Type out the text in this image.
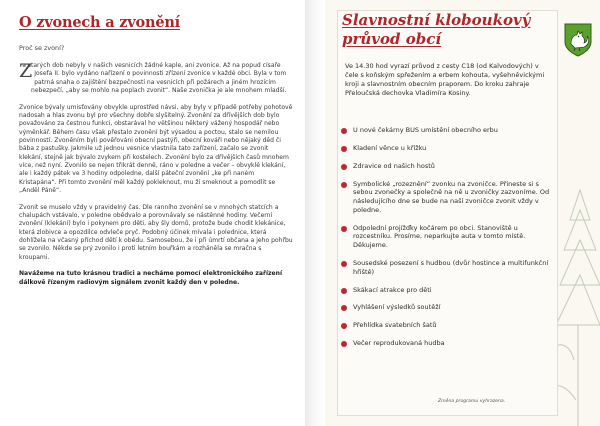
O zvonech a zvonění
Proč se zvoní?

Z
a starých dob nebyly v našich vesnicích žádné kaple, ani zvonice. Až na popud císaře Josefa II. bylo vydáno nařízení o povinnosti zřízení zvonice v každé obci. Byla v tom patrná snaha o zajištění bezpečnosti na vesnicích při požárech a jiném hrozícím nebezpečí, „aby se mohlo na poplach zvonit“. Naše zvonička je ale mnohem mladší.

Zvonice bývaly umisťovány obvykle uprostřed návsi, aby byly v případě potřeby pohotově nadosah a hlas zvonu byl pro všechny dobře slyšitelný. Zvonění za dřívějších dob bylo považováno za čestnou funkci, obstarával ho většinou některý vážený hospodář nebo výměnkář. Během času však přestalo zvonění být výsadou a poctou, stalo se nemilou povinností. Zvoněním byli pověřováni obecní pastýři, obecní kováři nebo nějaký děd či bába z pastušky. Jakmile už jednou vesnice vlastnila tato zařízení, začalo se zvonit klekání, stejně jak bývalo zvykem při kostelech. Zvonění bylo za dřívějších časů mnohem více, než nyní. Zvonilo se nejen třikrát denně, ráno v poledne a večer – obvyklé klekání, ale i každý pátek ve 3 hodiny odpoledne, další páteční zvonění „ke při naném Kristapána“. Při tomto zvonění měl každý pokleknout, mu ži smeknout a pomodlit se „Anděl Páně“.

Zvonit se muselo vždy v pravidelný čas. Dle ranního zvonění se v mnohých statcích a chalupách vstávalo, v poledne obědvalo a porovnávaly se nástěnné hodiny. Večerní zvonění (klekání) bylo i pokynem pro děti, aby šly domů, protože bude chodit klekánice, která zlobivce a opozdilce odvleče pryč. Podobný účinek mívala i polednice, která dohlížela na včasný příchod dětí k obědu. Samosebou, že i při úmrtí občana a jeho pohřbu se zvonilo. Někde se prý zvonilo i proti letním bouřkám a rozháněla se mračna s kroupami.

Navážeme na tuto krásnou tradici a necháme pomocí elektronického zařízení dálkově řízeným radiovým signálem zvonit každý den v poledne.

Slavnostní kloboukový průvod obcí

Ve 14.30 hod vyrazí průvod z cesty C18 (od Kalvodových) v čele s koňským spřežením a erbem kohouta, vyšehněvickými kroji a slavnostním obecním praporem. Do kroku zahraje Přeloučská dechovka Vladimíra Kosiny.

U nové čekárny BUS umístění obecního erbu
Kladení věnce u křížku
Zdravice od našich hostů
Symbolické „rozeznění“ zvonku na zvoničce. Přineste si s sebou zvonečky a společně na ně u zvoničky zazvoníme. Od následujícího dne se bude na naší zvoničce zvonit vždy v poledne.
Odpolední projížďky kočárem po obci. Stanoviště u rozcestníku. Prosíme, neparkujte auta v tomto místě. Děkujeme.
Sousedské posezení s hudbou (dvůr hostince a multifunkční hřiště)
Skákací atrakce pro děti
Vyhlášení výsledků soutěží
Přehlídka svatebních šatů
Večer reprodukovaná hudba
Změna programu vyhrazena.
